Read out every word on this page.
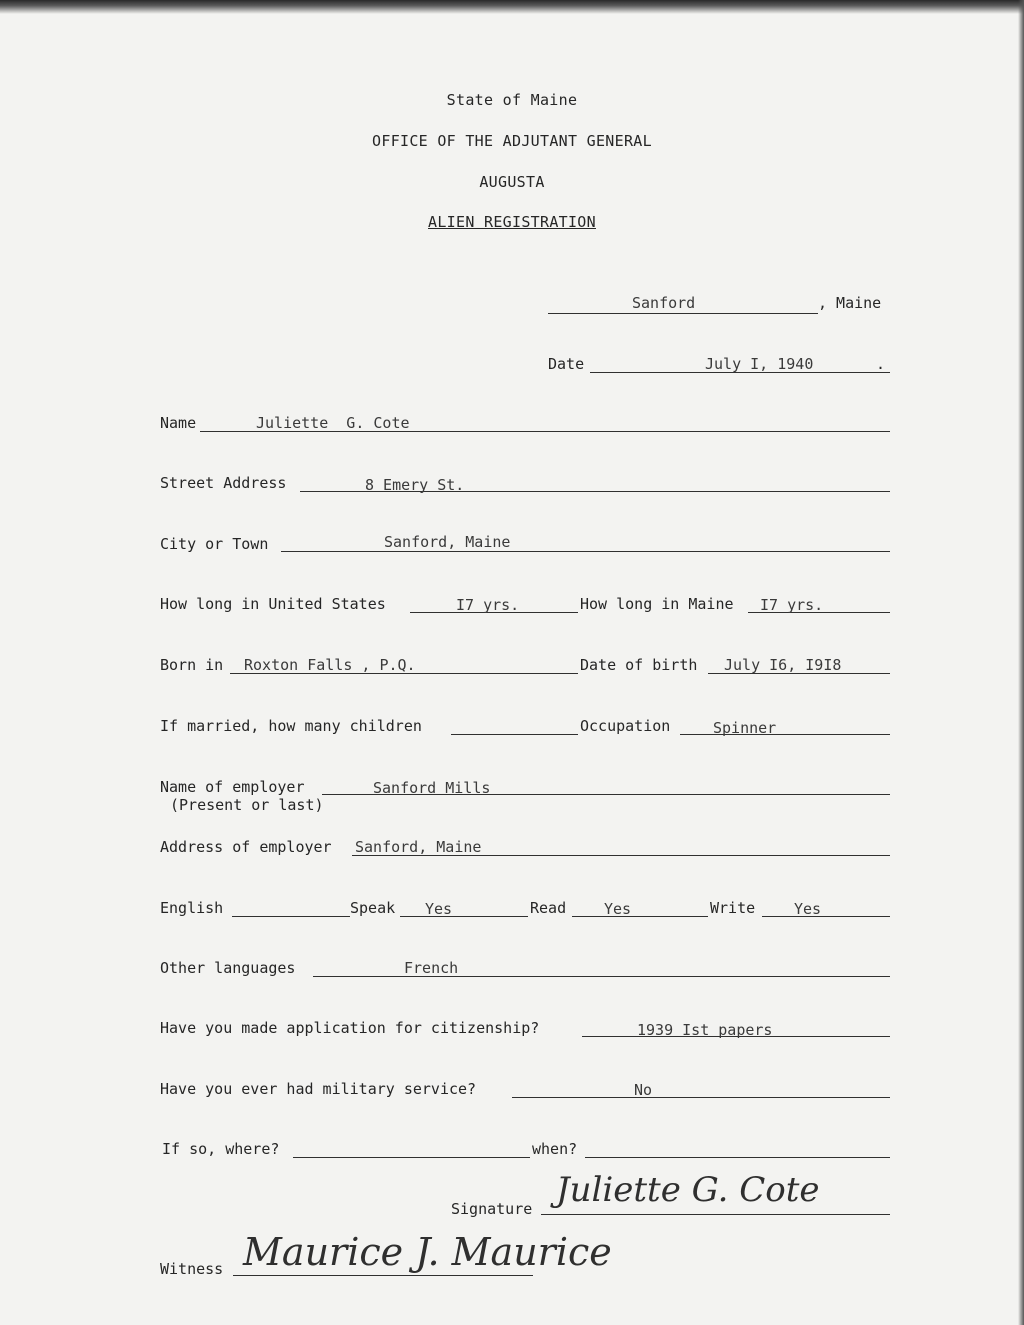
State of Maine
OFFICE OF THE ADJUTANT GENERAL
AUGUSTA
ALIEN REGISTRATION
Sanford	, Maine
Date	July I, 1940	.
Name	Juliette  G. Cote
Street Address	8 Emery St.
City or Town	Sanford, Maine
How long in United States	I7 yrs.	How long in Maine I7 yrs.
Born in Roxton Falls , P.Q.	Date of birth July I6, I9I8
If married, how many children	Occupation	Spinner
Name of employer
(Present or last)
Sanford Mills
Address of employer Sanford, Maine
English	Speak Yes	Read	Yes	Write	Yes
Other languages	French
Have you made application for citizenship?	1939 Ist papers
Have you ever had military service?	No
If so, where?	when?
Signature Juliette G. Cote
Witness Maurice J. Maurice
